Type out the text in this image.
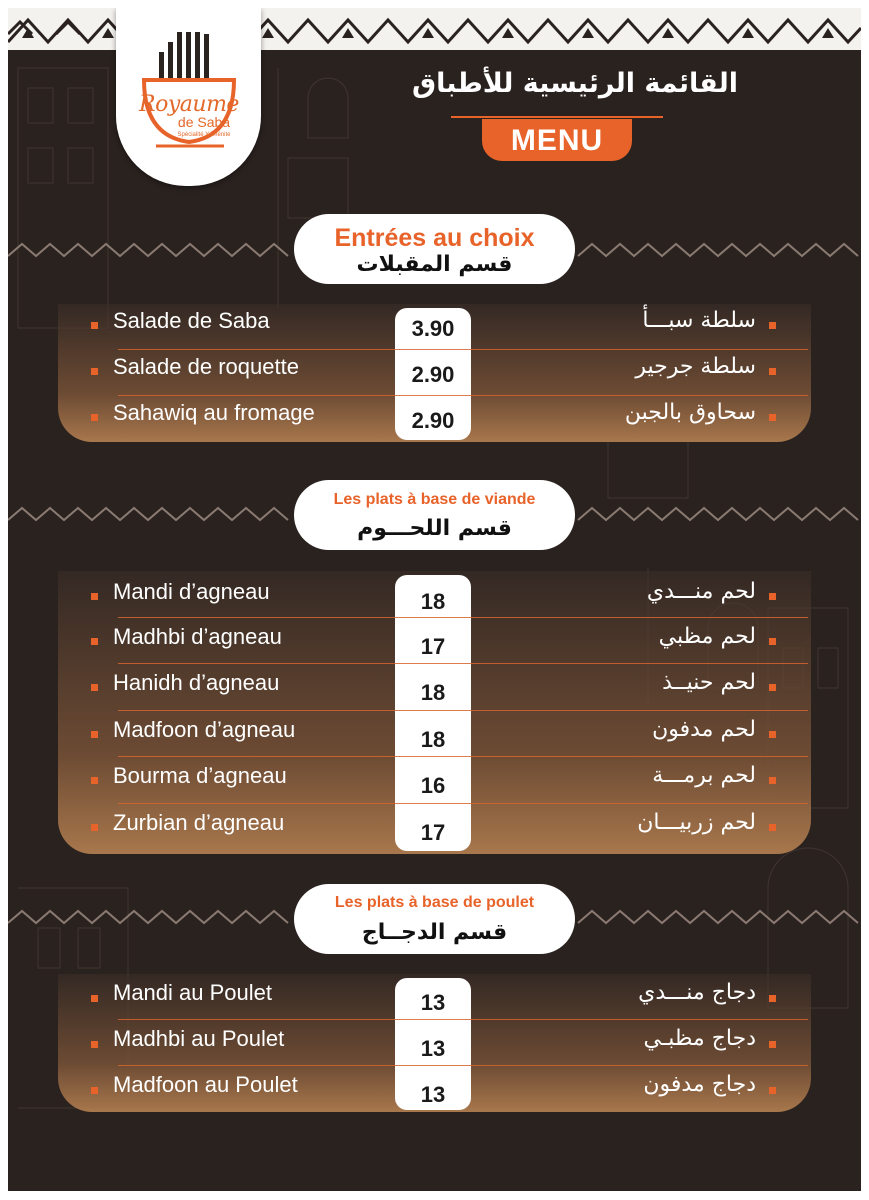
Royaume
de Saba
Spécialité Yéménite
القائمة الرئيسية للأطباق
MENU
Entrées au choix
قسم المقبلات
Salade de Saba	3.90	سلطة سبـــأ
Salade de roquette	2.90	سلطة جرجير
Sahawiq au fromage	2.90	سحاوق بالجبن
Les plats à base de viande
قسم اللحـــوم
Mandi d’agneau	18	لحم منـــدي
Madhbi d’agneau	17	لحم مظبي
Hanidh d’agneau	18	لحم حنيــذ
Madfoon d’agneau	18	لحم مدفون
Bourma d’agneau	16	لحم برمـــة
Zurbian d’agneau	17	لحم زربيـــان
Les plats à base de poulet
قسم الدجــاج
Mandi au Poulet	13	دجاج منـــدي
Madhbi au Poulet	13	دجاج مظبـي
Madfoon au Poulet	13	دجاج مدفون
